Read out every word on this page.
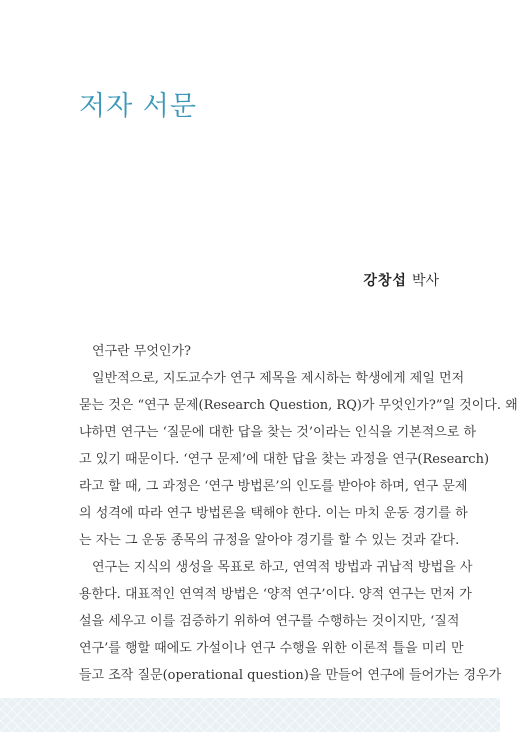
저자 서문
강창섭 박사
연구란 무엇인가?
일반적으로, 지도교수가 연구 제목을 제시하는 학생에게 제일 먼저
묻는 것은 “연구 문제(Research Question, RQ)가 무엇인가?”일 것이다. 왜
냐하면 연구는 ‘질문에 대한 답을 찾는 것’이라는 인식을 기본적으로 하
고 있기 때문이다. ‘연구 문제’에 대한 답을 찾는 과정을 연구(Research)
라고 할 때, 그 과정은 ‘연구 방법론’의 인도를 받아야 하며, 연구 문제
의 성격에 따라 연구 방법론을 택해야 한다. 이는 마치 운동 경기를 하
는 자는 그 운동 종목의 규정을 알아야 경기를 할 수 있는 것과 같다.
연구는 지식의 생성을 목표로 하고, 연역적 방법과 귀납적 방법을 사
용한다. 대표적인 연역적 방법은 ‘양적 연구’이다. 양적 연구는 먼저 가
설을 세우고 이를 검증하기 위하여 연구를 수행하는 것이지만, ‘질적
연구’를 행할 때에도 가설이나 연구 수행을 위한 이론적 틀을 미리 만
들고 조작 질문(operational question)을 만들어 연구에 들어가는 경우가
